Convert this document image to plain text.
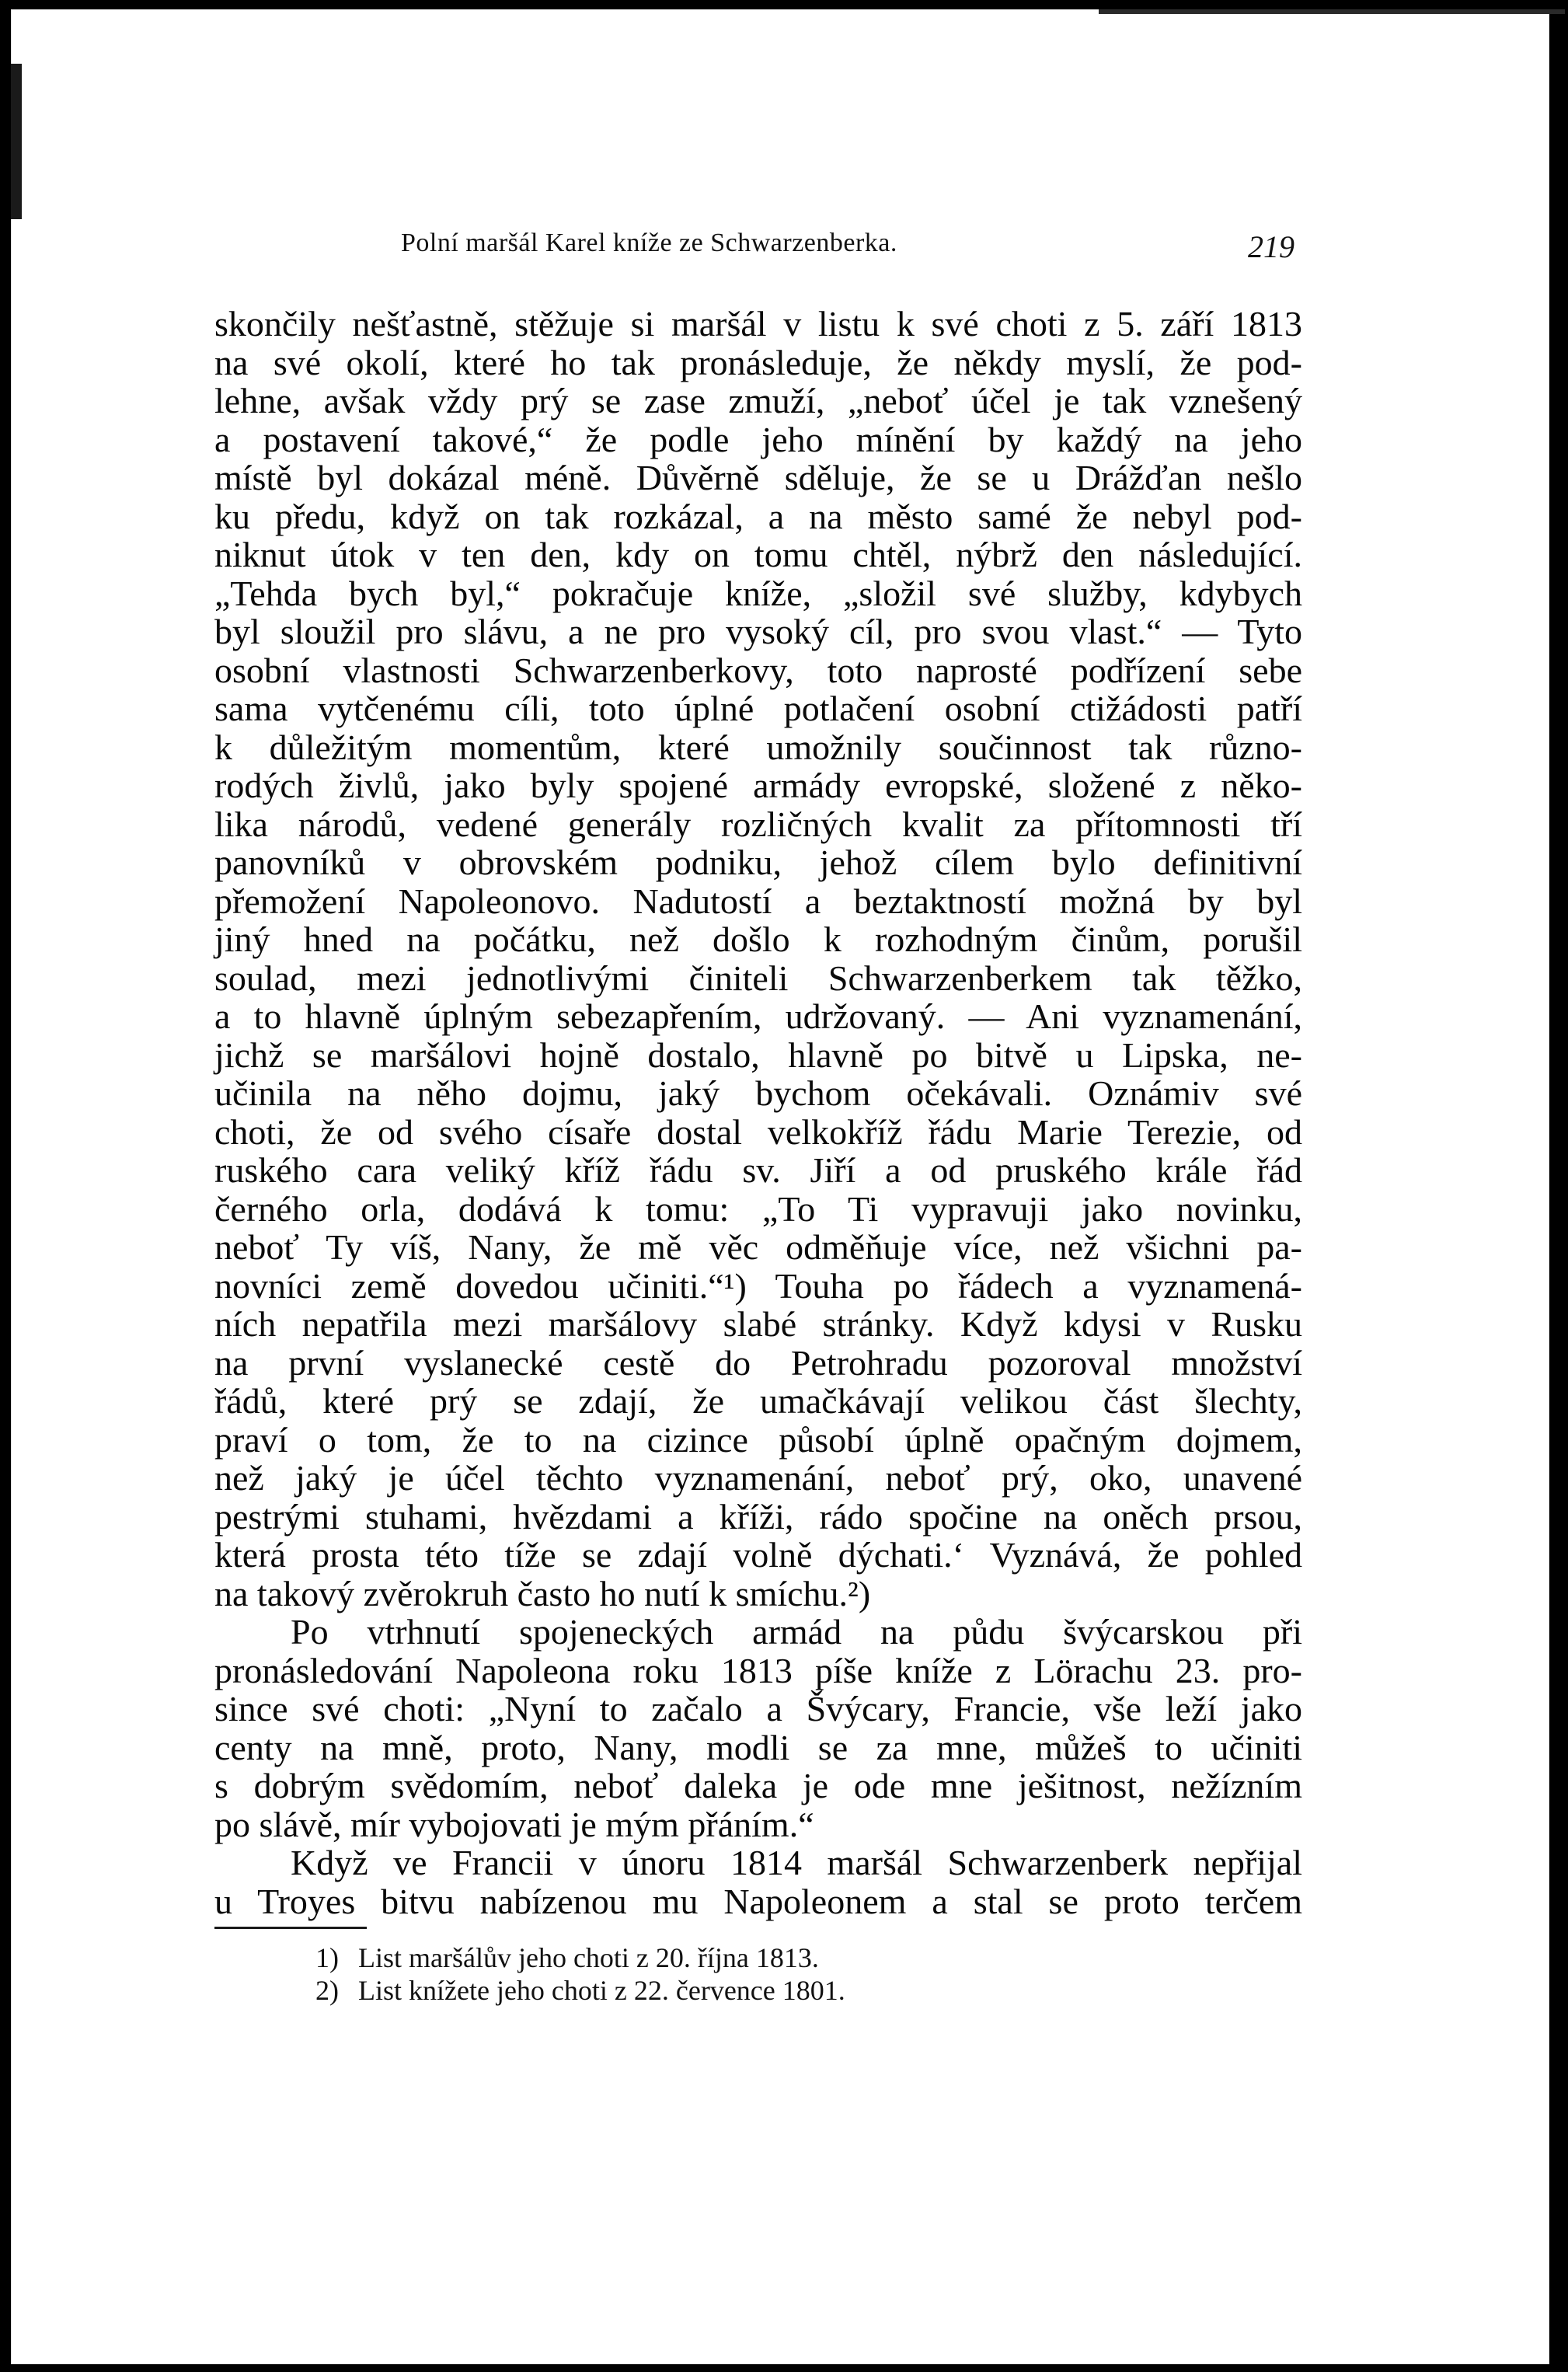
Polní maršál Karel kníže ze Schwarzenberka.	219
skončily nešťastně, stěžuje si maršál v listu k své choti z 5. září 1813
na své okolí, které ho tak pronásleduje, že někdy myslí, že pod-
lehne, avšak vždy prý se zase zmuží, „neboť účel je tak vznešený
a postavení takové,“ že podle jeho mínění by každý na jeho
místě byl dokázal méně. Důvěrně sděluje, že se u Drážďan nešlo
ku předu, když on tak rozkázal, a na město samé že nebyl pod-
niknut útok v ten den, kdy on tomu chtěl, nýbrž den následující.
„Tehda bych byl,“ pokračuje kníže, „složil své služby, kdybych
byl sloužil pro slávu, a ne pro vysoký cíl, pro svou vlast.“ — Tyto
osobní vlastnosti Schwarzenberkovy, toto naprosté podřízení sebe
sama vytčenému cíli, toto úplné potlačení osobní ctižádosti patří
k důležitým momentům, které umožnily součinnost tak různo-
rodých živlů, jako byly spojené armády evropské, složené z něko-
lika národů, vedené generály rozličných kvalit za přítomnosti tří
panovníků v obrovském podniku, jehož cílem bylo definitivní
přemožení Napoleonovo. Nadutostí a beztaktností možná by byl
jiný hned na počátku, než došlo k rozhodným činům, porušil
soulad, mezi jednotlivými činiteli Schwarzenberkem tak těžko,
a to hlavně úplným sebezapřením, udržovaný. — Ani vyznamenání,
jichž se maršálovi hojně dostalo, hlavně po bitvě u Lipska, ne-
učinila na něho dojmu, jaký bychom očekávali. Oznámiv své
choti, že od svého císaře dostal velkokříž řádu Marie Terezie, od
ruského cara veliký kříž řádu sv. Jiří a od pruského krále řád
černého orla, dodává k tomu: „To Ti vypravuji jako novinku,
neboť Ty víš, Nany, že mě věc odměňuje více, než všichni pa-
novníci země dovedou učiniti.“¹) Touha po řádech a vyznamená-
ních nepatřila mezi maršálovy slabé stránky. Když kdysi v Rusku
na první vyslanecké cestě do Petrohradu pozoroval množství
řádů, které prý se zdají, že umačkávají velikou část šlechty,
praví o tom, že to na cizince působí úplně opačným dojmem,
než jaký je účel těchto vyznamenání, neboť prý, oko, unavené
pestrými stuhami, hvězdami a kříži, rádo spočine na oněch prsou,
která prosta této tíže se zdají volně dýchati.‘ Vyznává, že pohled
na takový zvěrokruh často ho nutí k smíchu.²)
Po vtrhnutí spojeneckých armád na půdu švýcarskou při
pronásledování Napoleona roku 1813 píše kníže z Lörachu 23. pro-
since své choti: „Nyní to začalo a Švýcary, Francie, vše leží jako
centy na mně, proto, Nany, modli se za mne, můžeš to učiniti
s dobrým svědomím, neboť daleka je ode mne ješitnost, nežízním
po slávě, mír vybojovati je mým přáním.“
Když ve Francii v únoru 1814 maršál Schwarzenberk nepřijal
u Troyes bitvu nabízenou mu Napoleonem a stal se proto terčem
1) List maršálův jeho choti z 20. října 1813.
2) List knížete jeho choti z 22. července 1801.
